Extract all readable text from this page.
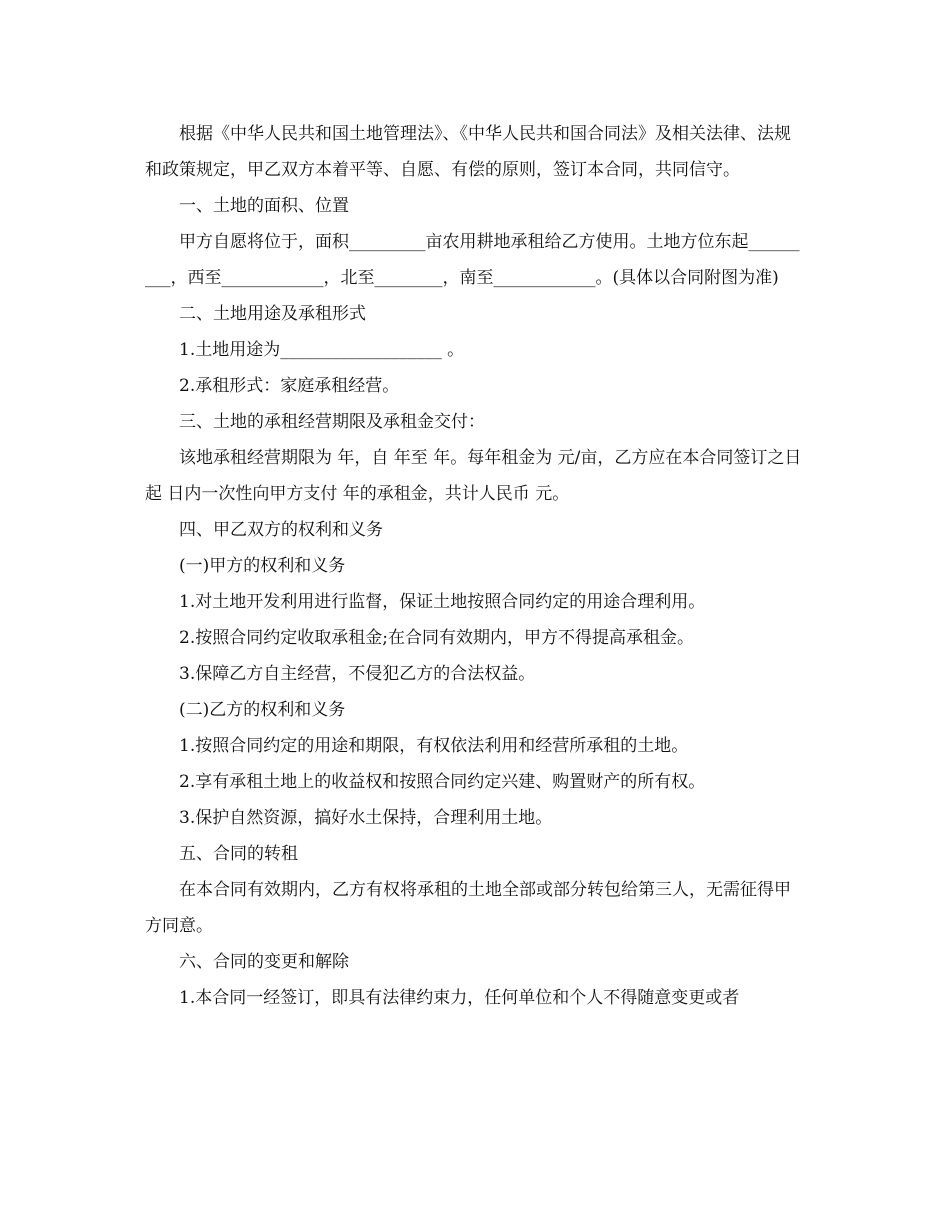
根据《中华人民共和国土地管理法》、《中华人民共和国合同法》及相关法律、法规和政策规定，甲乙双方本着平等、自愿、有偿的原则，签订本合同，共同信守。

一、土地的面积、位置

甲方自愿将位于，面积_________亩农用耕地承租给乙方使用。土地方位东起_________，西至____________，北至________，南至____________。(具体以合同附图为准)

二、土地用途及承租形式

1.土地用途为___________________ 。

2.承租形式：家庭承租经营。

三、土地的承租经营期限及承租金交付：

该地承租经营期限为 年，自 年至 年。每年租金为 元/亩，乙方应在本合同签订之日起 日内一次性向甲方支付 年的承租金，共计人民币 元。

四、甲乙双方的权利和义务

(一)甲方的权利和义务

1.对土地开发利用进行监督，保证土地按照合同约定的用途合理利用。

2.按照合同约定收取承租金;在合同有效期内，甲方不得提高承租金。

3.保障乙方自主经营，不侵犯乙方的合法权益。

(二)乙方的权利和义务

1.按照合同约定的用途和期限，有权依法利用和经营所承租的土地。

2.享有承租土地上的收益权和按照合同约定兴建、购置财产的所有权。

3.保护自然资源，搞好水土保持，合理利用土地。

五、合同的转租

在本合同有效期内，乙方有权将承租的土地全部或部分转包给第三人，无需征得甲方同意。

六、合同的变更和解除

1.本合同一经签订，即具有法律约束力，任何单位和个人不得随意变更或者
